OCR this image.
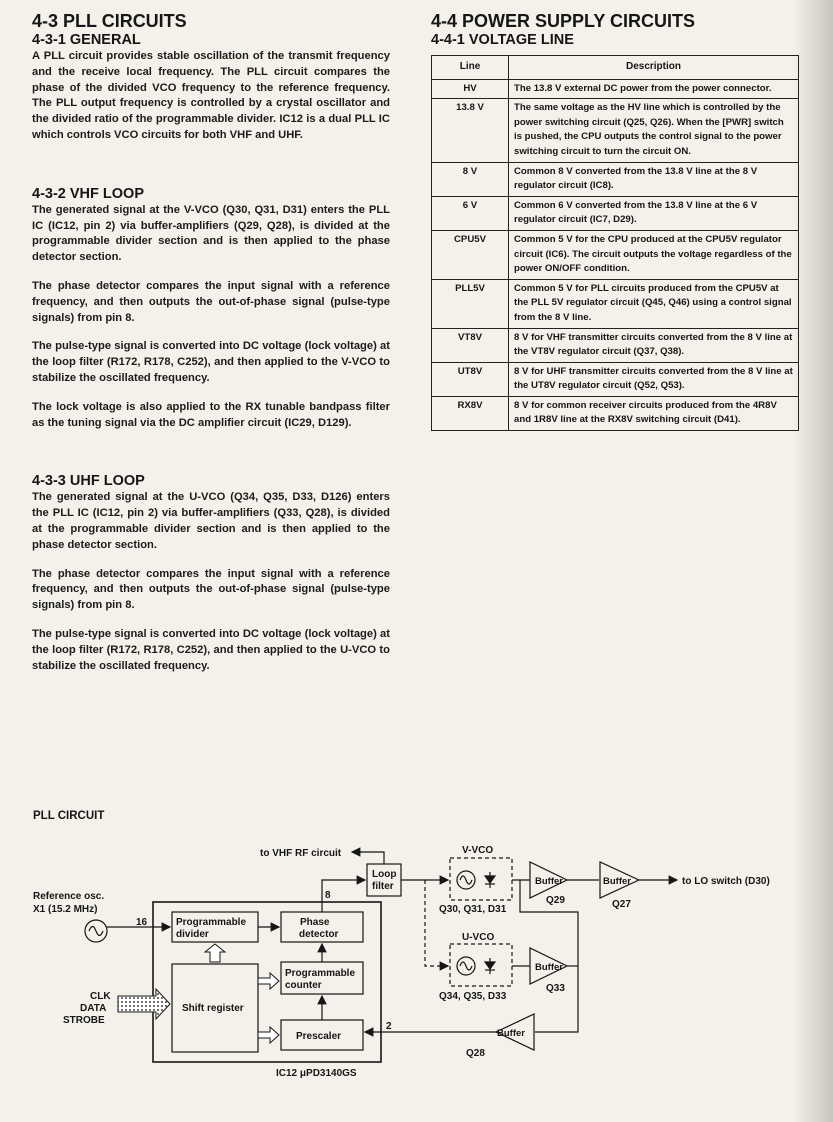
4-3 PLL CIRCUITS

4-3-1 GENERAL

A PLL circuit provides stable oscillation of the transmit frequency and the receive local frequency. The PLL circuit compares the phase of the divided VCO frequency to the reference frequency. The PLL output frequency is controlled by a crystal oscillator and the divided ratio of the programmable divider. IC12 is a dual PLL IC which controls VCO circuits for both VHF and UHF.

4-3-2 VHF LOOP

The generated signal at the V-VCO (Q30, Q31, D31) enters the PLL IC (IC12, pin 2) via buffer-amplifiers (Q29, Q28), is divided at the programmable divider section and is then applied to the phase detector section.

The phase detector compares the input signal with a reference frequency, and then outputs the out-of-phase signal (pulse-type signals) from pin 8.

The pulse-type signal is converted into DC voltage (lock voltage) at the loop filter (R172, R178, C252), and then applied to the V-VCO to stabilize the oscillated frequency.

The lock voltage is also applied to the RX tunable bandpass filter as the tuning signal via the DC amplifier circuit (IC29, D129).

4-3-3 UHF LOOP

The generated signal at the U-VCO (Q34, Q35, D33, D126) enters the PLL IC (IC12, pin 2) via buffer-amplifiers (Q33, Q28), is divided at the programmable divider section and is then applied to the phase detector section.

The phase detector compares the input signal with a reference frequency, and then outputs the out-of-phase signal (pulse-type signals) from pin 8.

The pulse-type signal is converted into DC voltage (lock voltage) at the loop filter (R172, R178, C252), and then applied to the U-VCO to stabilize the oscillated frequency.

4-4 POWER SUPPLY CIRCUITS

4-4-1 VOLTAGE LINE

Line	Description
HV	The 13.8 V external DC power from the power connector.
13.8 V	The same voltage as the HV line which is controlled by the power switching circuit (Q25, Q26). When the [PWR] switch is pushed, the CPU outputs the control signal to the power switching circuit to turn the circuit ON.
8 V	Common 8 V converted from the 13.8 V line at the 8 V regulator circuit (IC8).
6 V	Common 6 V converted from the 13.8 V line at the 6 V regulator circuit (IC7, D29).
CPU5V	Common 5 V for the CPU produced at the CPU5V regulator circuit (IC6). The circuit outputs the voltage regardless of the power ON/OFF condition.
PLL5V	Common 5 V for PLL circuits produced from the CPU5V at the PLL 5V regulator circuit (Q45, Q46) using a control signal from the 8 V line.
VT8V	8 V for VHF transmitter circuits converted from the 8 V line at the VT8V regulator circuit (Q37, Q38).
UT8V	8 V for UHF transmitter circuits converted from the 8 V line at the UT8V regulator circuit (Q52, Q53).
RX8V	8 V for common receiver circuits produced from the 4R8V and 1R8V line at the RX8V switching circuit (D41).
PLL CIRCUIT
to VHF RF circuit
Loop
filter
8
16
2
Reference osc.
X1 (15.2 MHz)
Programmable
divider
Phase
detector
Programmable
counter
Shift register
Prescaler
CLK
DATA
STROBE
IC12 μPD3140GS
V-VCO
Q30, Q31, D31
U-VCO
Q34, Q35, D33
Buffer	Buffer
Buffer
Buffer
Q29	Q27
Q33
Q28
to LO switch (D30)
